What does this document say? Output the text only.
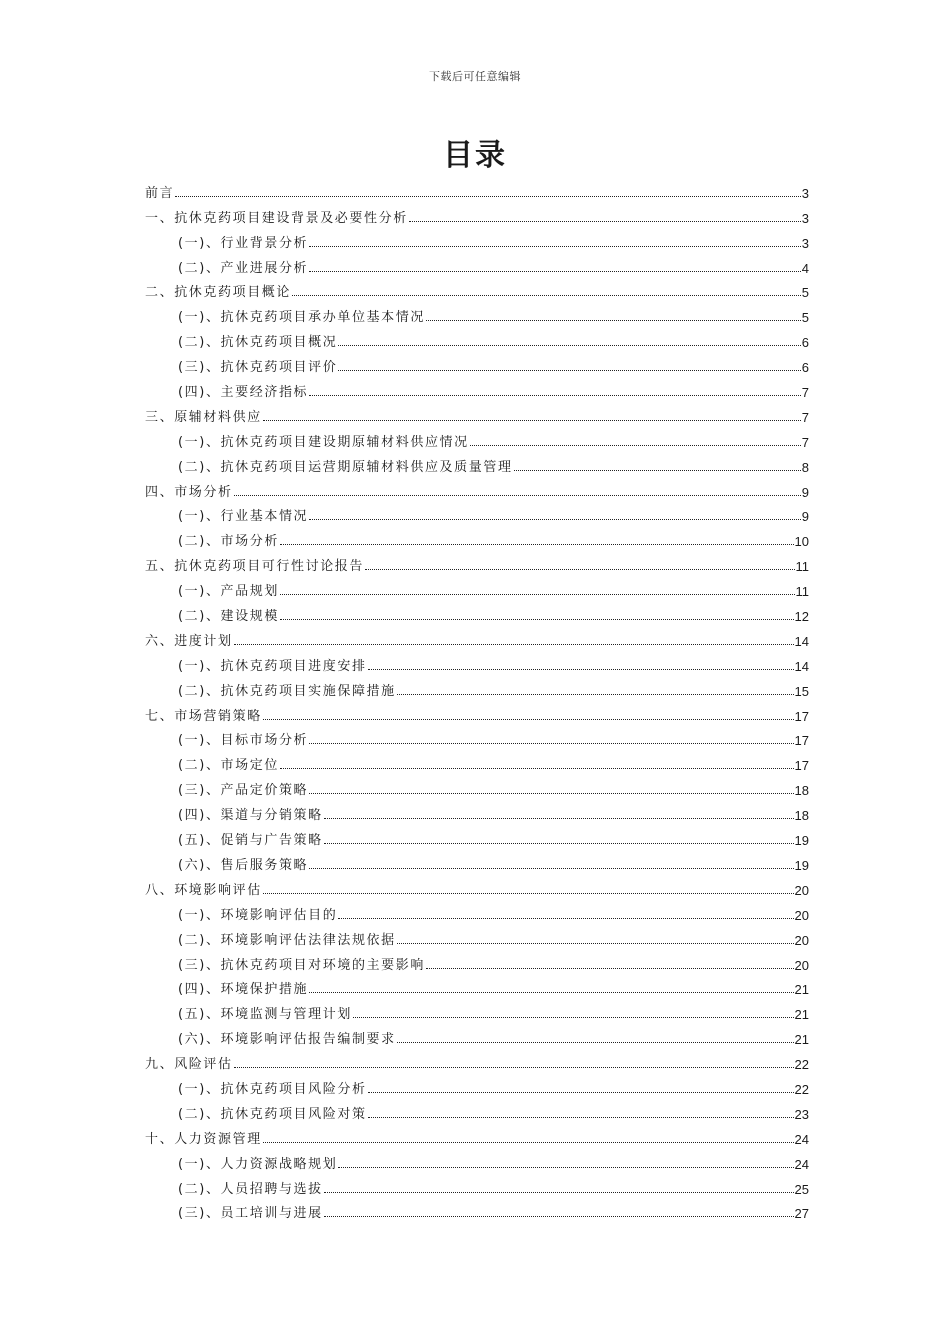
下载后可任意编辑
目录
前言	3
一、抗休克药项目建设背景及必要性分析	3
(一)、行业背景分析	3
(二)、产业进展分析	4
二、抗休克药项目概论	5
(一)、抗休克药项目承办单位基本情况	5
(二)、抗休克药项目概况	6
(三)、抗休克药项目评价	6
(四)、主要经济指标	7
三、原辅材料供应	7
(一)、抗休克药项目建设期原辅材料供应情况	7
(二)、抗休克药项目运营期原辅材料供应及质量管理	8
四、市场分析	9
(一)、行业基本情况	9
(二)、市场分析	10
五、抗休克药项目可行性讨论报告	11
(一)、产品规划	11
(二)、建设规模	12
六、进度计划	14
(一)、抗休克药项目进度安排	14
(二)、抗休克药项目实施保障措施	15
七、市场营销策略	17
(一)、目标市场分析	17
(二)、市场定位	17
(三)、产品定价策略	18
(四)、渠道与分销策略	18
(五)、促销与广告策略	19
(六)、售后服务策略	19
八、环境影响评估	20
(一)、环境影响评估目的	20
(二)、环境影响评估法律法规依据	20
(三)、抗休克药项目对环境的主要影响	20
(四)、环境保护措施	21
(五)、环境监测与管理计划	21
(六)、环境影响评估报告编制要求	21
九、风险评估	22
(一)、抗休克药项目风险分析	22
(二)、抗休克药项目风险对策	23
十、人力资源管理	24
(一)、人力资源战略规划	24
(二)、人员招聘与选拔	25
(三)、员工培训与进展	27
